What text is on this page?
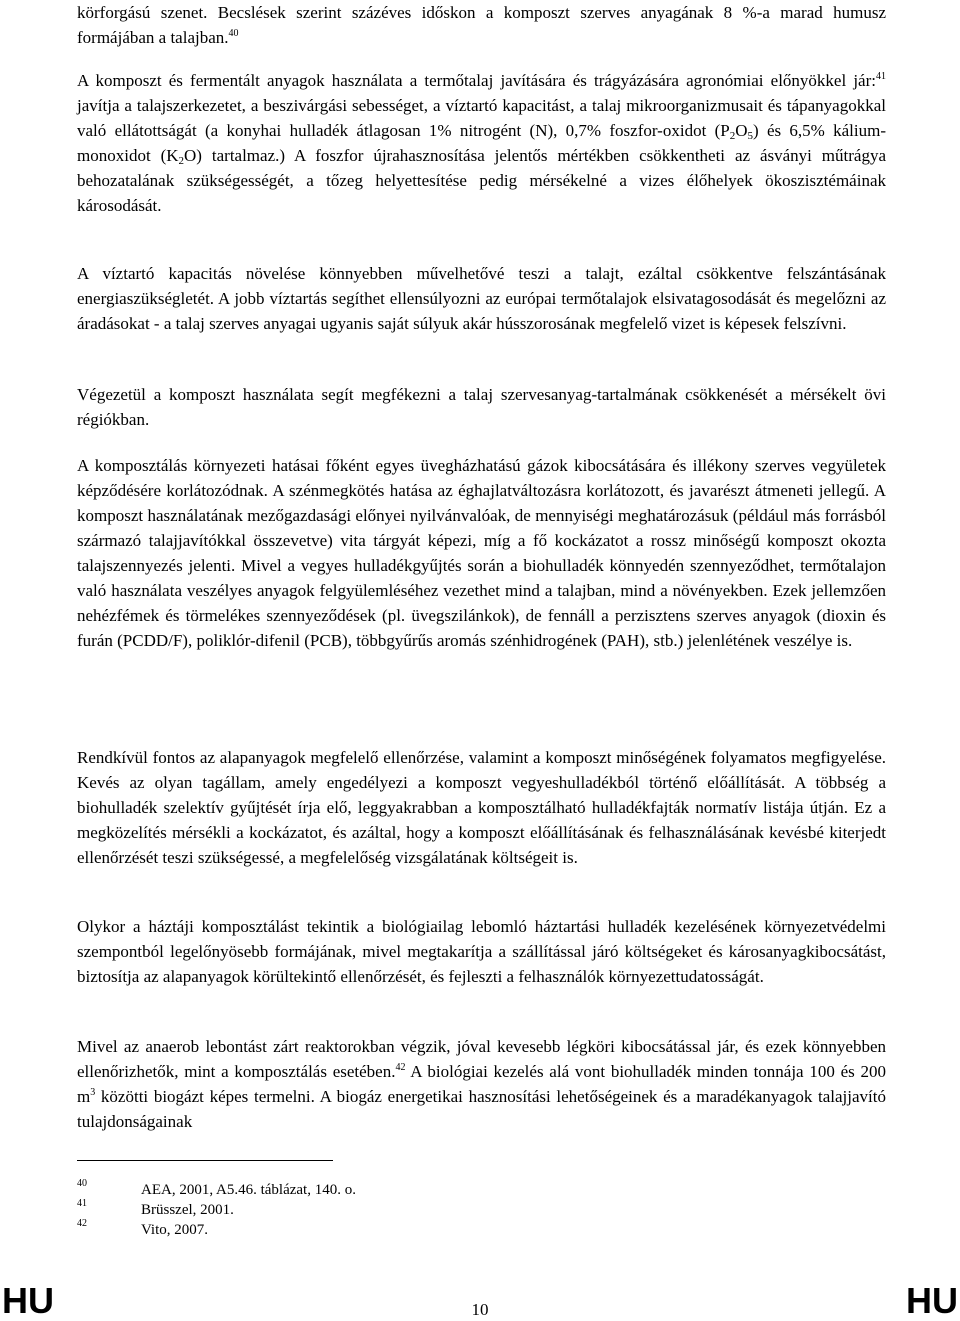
körforgású szenet. Becslések szerint százéves időskon a komposzt szerves anyagának 8 %-a marad humusz formájában a talajban.$^{40}$

A komposzt és fermentált anyagok használata a termőtalaj javítására és trágyázására agronómiai előnyökkel jár:$^{41}$ javítja a talajszerkezetet, a beszivárgási sebességet, a víztartó kapacitást, a talaj mikroorganizmusait és tápanyagokkal való ellátottságát (a konyhai hulladék átlagosan 1% nitrogént (N), 0,7% foszfor-oxidot $(P_2O_5)$ és 6,5% kálium-monoxidot $(K_2O)$ tartalmaz.) A foszfor újrahasznosítása jelentős mértékben csökkentheti az ásványi műtrágya behozatalának szükségességét, a tőzeg helyettesítése pedig mérsékelné a vizes élőhelyek ökoszisztémáinak károsodását.

A víztartó kapacitás növelése könnyebben művelhetővé teszi a talajt, ezáltal csökkentve felszántásának energiaszükségletét. A jobb víztartás segíthet ellensúlyozni az európai termőtalajok elsivatagosodását és megelőzni az áradásokat - a talaj szerves anyagai ugyanis saját súlyuk akár hússzorosának megfelelő vizet is képesek felszívni.

Végezetül a komposzt használata segít megfékezni a talaj szervesanyag-tartalmának csökkenését a mérsékelt övi régiókban.

A komposztálás környezeti hatásai főként egyes üvegházhatású gázok kibocsátására és illékony szerves vegyületek képződésére korlátozódnak. A szénmegkötés hatása az éghajlatváltozásra korlátozott, és javarészt átmeneti jellegű. A komposzt használatának mezőgazdasági előnyei nyilvánvalóak, de mennyiségi meghatározásuk (például más forrásból származó talajjavítókkal összevetve) vita tárgyát képezi, míg a fő kockázatot a rossz minőségű komposzt okozta talajszennyezés jelenti. Mivel a vegyes hulladékgyűjtés során a biohulladék könnyedén szennyeződhet, termőtalajon való használata veszélyes anyagok felgyülemléséhez vezethet mind a talajban, mind a növényekben. Ezek jellemzően nehézfémek és törmelékes szennyeződések (pl. üvegszilánkok), de fennáll a perzisztens szerves anyagok (dioxin és furán (PCDD/F), poliklór-difenil (PCB), többgyűrűs aromás szénhidrogének (PAH), stb.) jelenlétének veszélye is.

Rendkívül fontos az alapanyagok megfelelő ellenőrzése, valamint a komposzt minőségének folyamatos megfigyelése. Kevés az olyan tagállam, amely engedélyezi a komposzt vegyeshulladékból történő előállítását. A többség a biohulladék szelektív gyűjtését írja elő, leggyakrabban a komposztálható hulladékfajták normatív listája útján. Ez a megközelítés mérsékli a kockázatot, és azáltal, hogy a komposzt előállításának és felhasználásának kevésbé kiterjedt ellenőrzését teszi szükségessé, a megfelelőség vizsgálatának költségeit is.

Olykor a háztáji komposztálást tekintik a biológiailag lebomló háztartási hulladék kezelésének környezetvédelmi szempontból legelőnyösebb formájának, mivel megtakarítja a szállítással járó költségeket és károsanyagkibocsátást, biztosítja az alapanyagok körültekintő ellenőrzését, és fejleszti a felhasználók környezettudatosságát.

Mivel az anaerob lebontást zárt reaktorokban végzik, jóval kevesebb légköri kibocsátással jár, és ezek könnyebben ellenőrizhetők, mint a komposztálás esetében.$^{42}$ A biológiai kezelés alá vont biohulladék minden tonnája 100 és 200 $m^3$ közötti biogázt képes termelni. A biogáz energetikai hasznosítási lehetőségeinek és a maradékanyagok talajjavító tulajdonságainak

40	AEA, 2001, A5.46. táblázat, 140. o.
41	Brüsszel, 2001.
42	Vito, 2007.
HU	10	HU
